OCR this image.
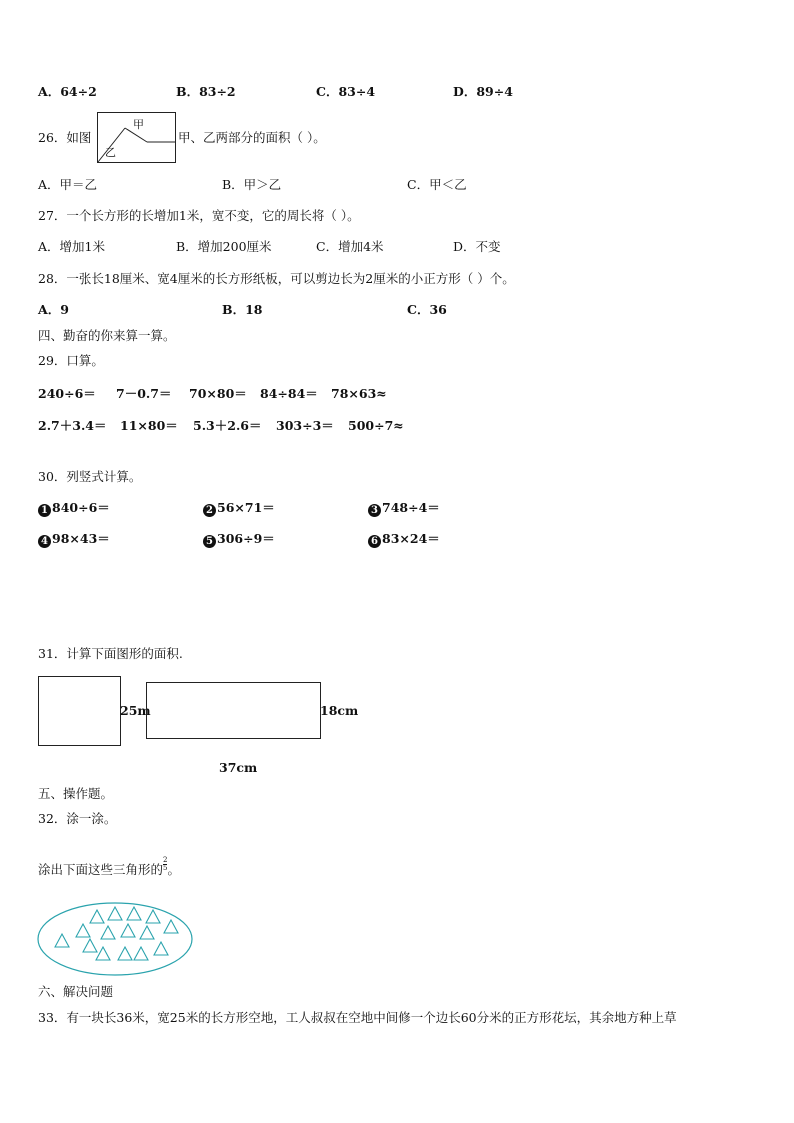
A．64÷2	B．83÷2	C．83÷4	D．89÷4
26．如图
甲
乙
甲、乙两部分的面积（ ）。
A．甲＝乙	B．甲＞乙	C．甲＜乙
27．一个长方形的长增加1米，宽不变，它的周长将（ ）。
A．增加1米	B．增加200厘米	C．增加4米	D．不变
28．一张长18厘米、宽4厘米的长方形纸板，可以剪边长为2厘米的小正方形（ ）个。
A．9	B．18	C．36
四、勤奋的你来算一算。
29．口算。
240÷6＝ 7－0.7＝ 70×80＝ 84÷84＝ 78×63≈
2.7＋3.4＝ 11×80＝ 5.3＋2.6＝ 303÷3＝ 500÷7≈
30．列竖式计算。
1 840÷6＝	2 56×71＝	3 748÷4＝
4 98×43＝	5 306÷9＝	6 83×24＝
31．计算下面图形的面积.
25m	18cm
37cm
五、操作题。
32．涂一涂。
涂出下面这些三角形的 $^{\frac{2}{5}}$ 。
六、解决问题
33．有一块长36米，宽25米的长方形空地，工人叔叔在空地中间修一个边长60分米的正方形花坛，其余地方种上草
